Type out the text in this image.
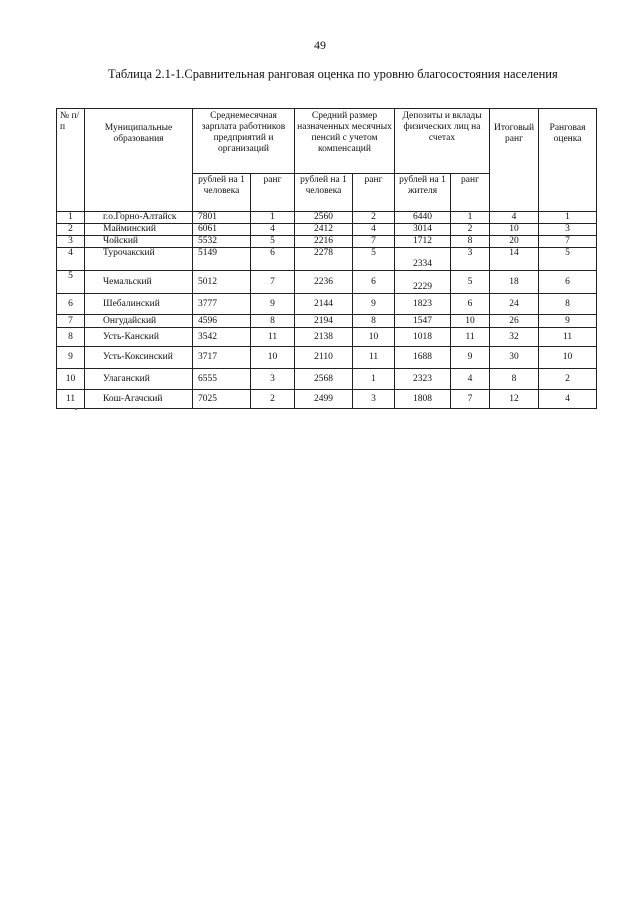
49
Таблица 2.1-1.Сравнительная ранговая оценка по уровню благосостояния населения
№ п/ п	Муниципальные образования	Среднемесячная зарплата работников предприятий и организаций		Средний размер назначенных месячных пенсий с учетом компенсаций		Депозиты и вклады физических лиц на счетах		Итоговый ранг	Ранговая оценка
		рублей на 1 человека	ранг	рублей на 1 человека	ранг	рублей на 1 жителя	ранг		
1	г.о.Горно-Алтайск	7801	1	2560	2	6440	1	4	1
2	Майминский	6061	4	2412	4	3014	2	10	3
3	Чойский	5532	5	2216	7	1712	8	20	7
4	Турочакский	5149	6	2278	5	2334	3	14	5
5	Чемальский	5012	7	2236	6	2229	5	18	6
6	Шебалинский	3777	9	2144	9	1823	6	24	8
7	Онгудайский	4596	8	2194	8	1547	10	26	9
8	Усть-Канский	3542	11	2138	10	1018	11	32	11
9	Усть-Коксинский	3717	10	2110	11	1688	9	30	10
10	Улаганский	6555	3	2568	1	2323	4	8	2
11	Кош-Агачский	7025	2	2499	3	1808	7	12	4
